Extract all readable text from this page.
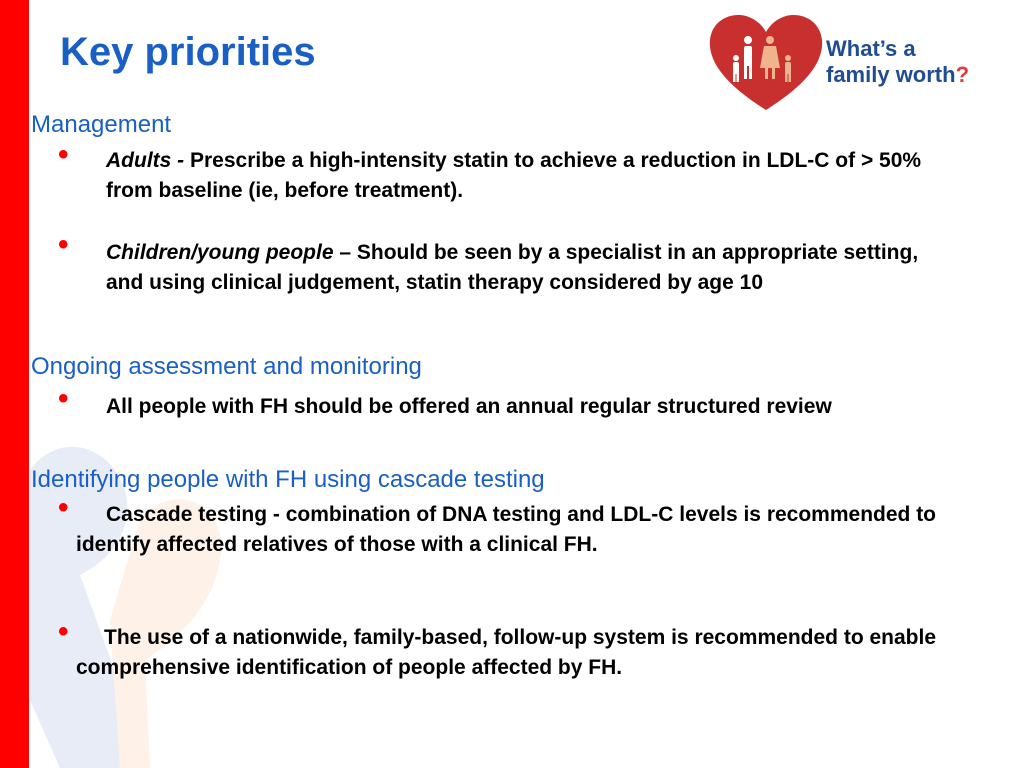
Key priorities	What’s a
family worth?
Management
• Adults - Prescribe a high-intensity statin to achieve a reduction in LDL-C of > 50% from baseline (ie, before treatment).

• Children/young people – Should be seen by a specialist in an appropriate setting, and using clinical judgement, statin therapy considered by age 10

Ongoing assessment and monitoring
• All people with FH should be offered an annual regular structured review

Identifying people with FH using cascade testing
•	Cascade testing - combination of DNA testing and LDL-C levels is recommended to identify affected relatives of those with a clinical FH.

•	The use of a nationwide, family-based, follow-up system is recommended to enable comprehensive identification of people affected by FH.
